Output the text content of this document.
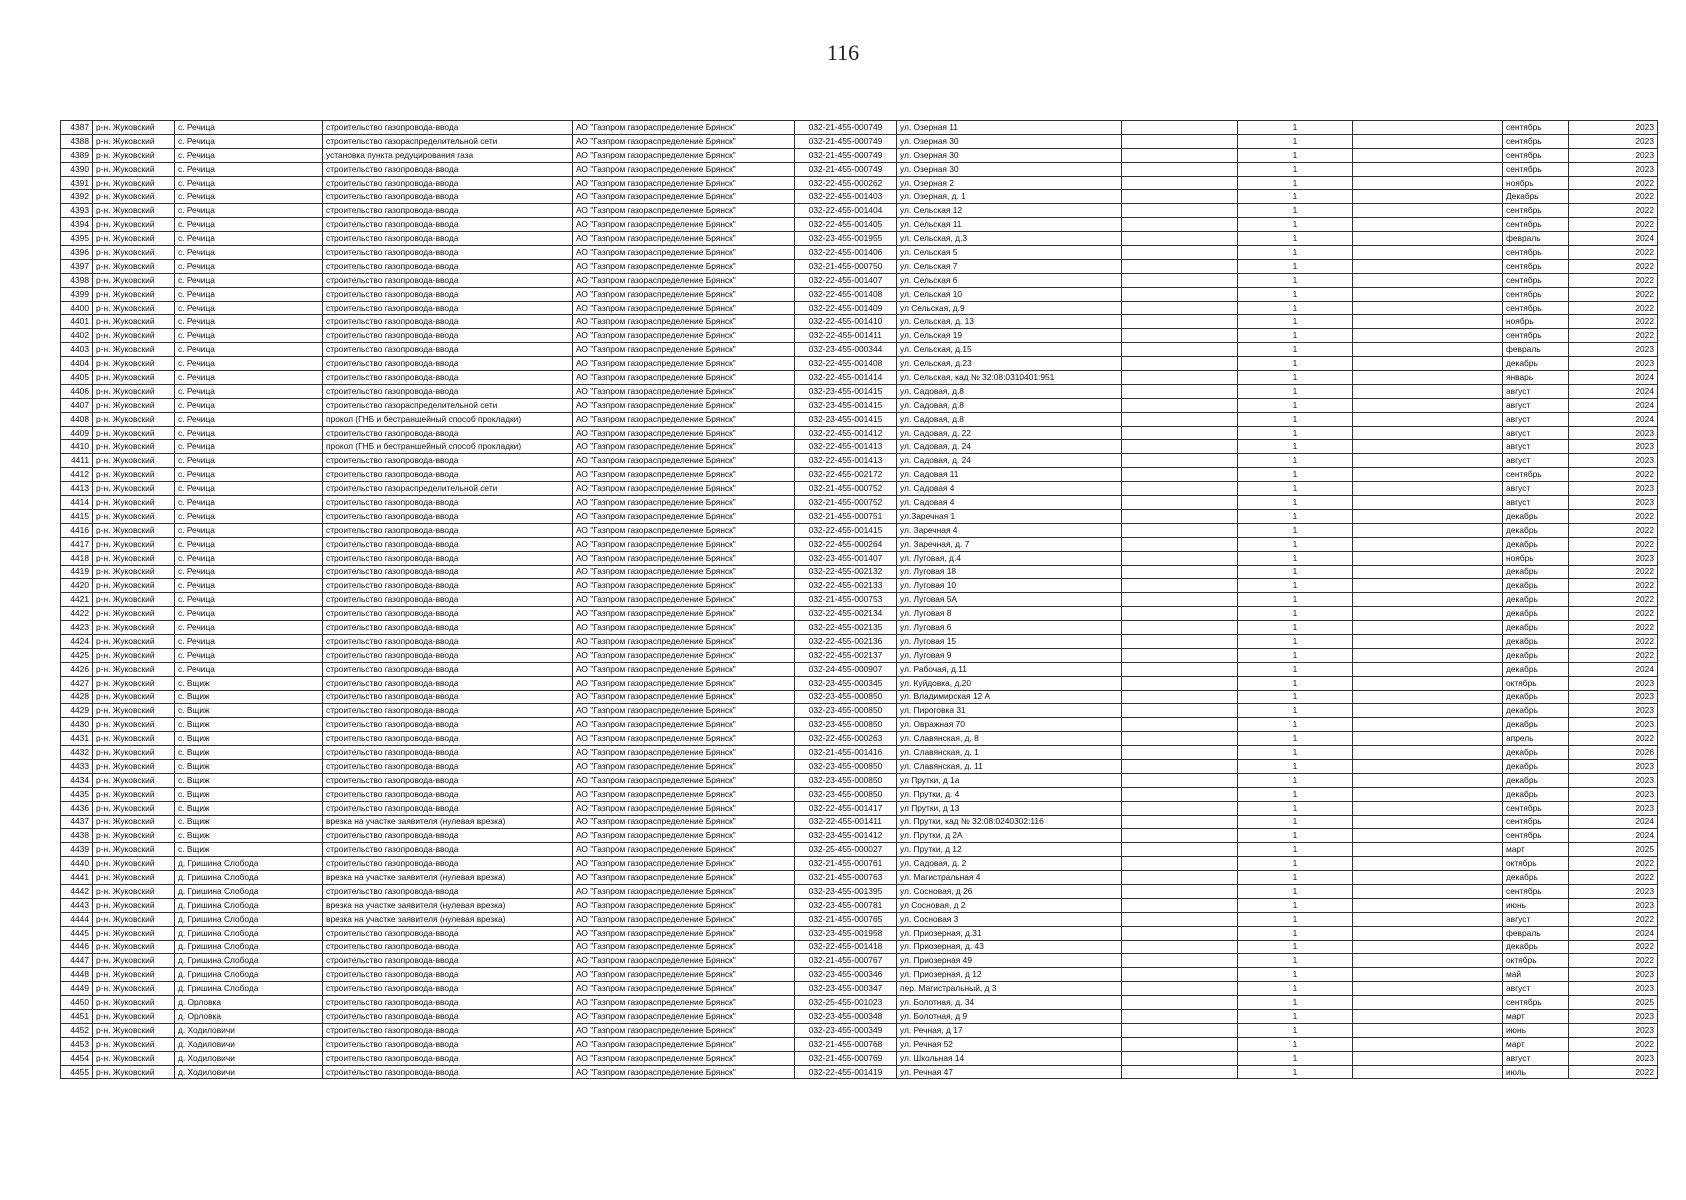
116
4387	р-н. Жуковский	с. Речица	строительство газопровода-ввода	АО "Газпром газораспределение Брянск"	032-21-455-000749	ул. Озерная 11		1		сентябрь	2023
4388	р-н. Жуковский	с. Речица	строительство газораспределительной сети	АО "Газпром газораспределение Брянск"	032-21-455-000749	ул. Озерная 30		1		сентябрь	2023
4389	р-н. Жуковский	с. Речица	установка пункта редуцирования газа	АО "Газпром газораспределение Брянск"	032-21-455-000749	ул. Озерная 30		1		сентябрь	2023
4390	р-н. Жуковский	с. Речица	строительство газопровода-ввода	АО "Газпром газораспределение Брянск"	032-21-455-000749	ул. Озерная 30		1		сентябрь	2023
4391	р-н. Жуковский	с. Речица	строительство газопровода-ввода	АО "Газпром газораспределение Брянск"	032-22-455-000262	ул. Озерная 2		1		ноябрь	2022
4392	р-н. Жуковский	с. Речица	строительство газопровода-ввода	АО "Газпром газораспределение Брянск"	032-22-455-001403	ул. Озерная, д. 1		1		Декабрь	2022
4393	р-н. Жуковский	с. Речица	строительство газопровода-ввода	АО "Газпром газораспределение Брянск"	032-22-455-001404	ул. Сельская 12		1		сентябрь	2022
4394	р-н. Жуковский	с. Речица	строительство газопровода-ввода	АО "Газпром газораспределение Брянск"	032-22-455-001405	ул. Сельская 11		1		сентябрь	2022
4395	р-н. Жуковский	с. Речица	строительство газопровода-ввода	АО "Газпром газораспределение Брянск"	032-23-455-001955	ул. Сельская, д.3		1		февраль	2024
4396	р-н. Жуковский	с. Речица	строительство газопровода-ввода	АО "Газпром газораспределение Брянск"	032-22-455-001406	ул. Сельская 5		1		сентябрь	2022
4397	р-н. Жуковский	с. Речица	строительство газопровода-ввода	АО "Газпром газораспределение Брянск"	032-21-455-000750	ул. Сельская 7		1		сентябрь	2022
4398	р-н. Жуковский	с. Речица	строительство газопровода-ввода	АО "Газпром газораспределение Брянск"	032-22-455-001407	ул. Сельская 6		1		сентябрь	2022
4399	р-н. Жуковский	с. Речица	строительство газопровода-ввода	АО "Газпром газораспределение Брянск"	032-22-455-001408	ул. Сельская 10		1		сентябрь	2022
4400	р-н. Жуковский	с. Речица	строительство газопровода-ввода	АО "Газпром газораспределение Брянск"	032-22-455-001409	ул Сельская, д.9		1		сентябрь	2022
4401	р-н. Жуковский	с. Речица	строительство газопровода-ввода	АО "Газпром газораспределение Брянск"	032-22-455-001410	ул. Сельская, д. 13		1		ноябрь	2022
4402	р-н. Жуковский	с. Речица	строительство газопровода-ввода	АО "Газпром газораспределение Брянск"	032-22-455-001411	ул. Сельская 19		1		сентябрь	2022
4403	р-н. Жуковский	с. Речица	строительство газопровода-ввода	АО "Газпром газораспределение Брянск"	032-23-455-000344	ул. Сельская, д.15		1		февраль	2023
4404	р-н. Жуковский	с. Речица	строительство газопровода-ввода	АО "Газпром газораспределение Брянск"	032-22-455-001408	ул. Сельская, д.23		1		декабрь	2023
4405	р-н. Жуковский	с. Речица	строительство газопровода-ввода	АО "Газпром газораспределение Брянск"	032-22-455-001414	ул. Сельская, кад № 32:08:0310401:951		1		январь	2024
4406	р-н. Жуковский	с. Речица	строительство газопровода-ввода	АО "Газпром газораспределение Брянск"	032-23-455-001415	ул. Садовая, д.8		1		август	2024
4407	р-н. Жуковский	с. Речица	строительство газораспределительной сети	АО "Газпром газораспределение Брянск"	032-23-455-001415	ул. Садовая, д.8		1		август	2024
4408	р-н. Жуковский	с. Речица	прокол (ГНБ и бестраншейный способ прокладки)	АО "Газпром газораспределение Брянск"	032-23-455-001415	ул. Садовая, д.8		1		август	2024
4409	р-н. Жуковский	с. Речица	строительство газопровода-ввода	АО "Газпром газораспределение Брянск"	032-22-455-001412	ул. Садовая, д. 22		1		август	2023
4410	р-н. Жуковский	с. Речица	прокол (ГНБ и бестраншейный способ прокладки)	АО "Газпром газораспределение Брянск"	032-22-455-001413	ул. Садовая, д. 24		1		август	2023
4411	р-н. Жуковский	с. Речица	строительство газопровода-ввода	АО "Газпром газораспределение Брянск"	032-22-455-001413	ул. Садовая, д. 24		1		август	2023
4412	р-н. Жуковский	с. Речица	строительство газопровода-ввода	АО "Газпром газораспределение Брянск"	032-22-455-002172	ул. Садовая 11		1		сентябрь	2022
4413	р-н. Жуковский	с. Речица	строительство газораспределительной сети	АО "Газпром газораспределение Брянск"	032-21-455-000752	ул. Садовая 4		1		август	2023
4414	р-н. Жуковский	с. Речица	строительство газопровода-ввода	АО "Газпром газораспределение Брянск"	032-21-455-000752	ул. Садовая 4		1		август	2023
4415	р-н. Жуковский	с. Речица	строительство газопровода-ввода	АО "Газпром газораспределение Брянск"	032-21-455-000751	ул.Заречная 1		1		декабрь	2022
4416	р-н. Жуковский	с. Речица	строительство газопровода-ввода	АО "Газпром газораспределение Брянск"	032-22-455-001415	ул. Заречная 4		1		декабрь	2022
4417	р-н. Жуковский	с. Речица	строительство газопровода-ввода	АО "Газпром газораспределение Брянск"	032-22-455-000264	ул. Заречная, д. 7		1		декабрь	2022
4418	р-н. Жуковский	с. Речица	строительство газопровода-ввода	АО "Газпром газораспределение Брянск"	032-23-455-001407	ул. Луговая, д.4		1		ноябрь	2023
4419	р-н. Жуковский	с. Речица	строительство газопровода-ввода	АО "Газпром газораспределение Брянск"	032-22-455-002132	ул. Луговая 18		1		декабрь	2022
4420	р-н. Жуковский	с. Речица	строительство газопровода-ввода	АО "Газпром газораспределение Брянск"	032-22-455-002133	ул. Луговая 10		1		декабрь	2022
4421	р-н. Жуковский	с. Речица	строительство газопровода-ввода	АО "Газпром газораспределение Брянск"	032-21-455-000753	ул. Луговая 5А		1		декабрь	2022
4422	р-н. Жуковский	с. Речица	строительство газопровода-ввода	АО "Газпром газораспределение Брянск"	032-22-455-002134	ул. Луговая 8		1		декабрь	2022
4423	р-н. Жуковский	с. Речица	строительство газопровода-ввода	АО "Газпром газораспределение Брянск"	032-22-455-002135	ул. Луговая 6		1		декабрь	2022
4424	р-н. Жуковский	с. Речица	строительство газопровода-ввода	АО "Газпром газораспределение Брянск"	032-22-455-002136	ул. Луговая 15		1		декабрь	2022
4425	р-н. Жуковский	с. Речица	строительство газопровода-ввода	АО "Газпром газораспределение Брянск"	032-22-455-002137	ул. Луговая 9		1		декабрь	2022
4426	р-н. Жуковский	с. Речица	строительство газопровода-ввода	АО "Газпром газораспределение Брянск"	032-24-455-000907	ул. Рабочая, д.11		1		декабрь	2024
4427	р-н. Жуковский	с. Вщиж	строительство газопровода-ввода	АО "Газпром газораспределение Брянск"	032-23-455-000345	ул. Куйдовка, д.20		1		октябрь	2023
4428	р-н. Жуковский	с. Вщиж	строительство газопровода-ввода	АО "Газпром газораспределение Брянск"	032-23-455-000850	ул. Владимирская 12 А		1		декабрь	2023
4429	р-н. Жуковский	с. Вщиж	строительство газопровода-ввода	АО "Газпром газораспределение Брянск"	032-23-455-000850	ул. Пироговка 31		1		декабрь	2023
4430	р-н. Жуковский	с. Вщиж	строительство газопровода-ввода	АО "Газпром газораспределение Брянск"	032-23-455-000850	ул. Овражная 70		1		декабрь	2023
4431	р-н. Жуковский	с. Вщиж	строительство газопровода-ввода	АО "Газпром газораспределение Брянск"	032-22-455-000263	ул. Славянская, д. 8		1		апрель	2022
4432	р-н. Жуковский	с. Вщиж	строительство газопровода-ввода	АО "Газпром газораспределение Брянск"	032-21-455-001416	ул. Славянская, д. 1		1		декабрь	2026
4433	р-н. Жуковский	с. Вщиж	строительство газопровода-ввода	АО "Газпром газораспределение Брянск"	032-23-455-000850	ул. Славянская, д. 11		1		декабрь	2023
4434	р-н. Жуковский	с. Вщиж	строительство газопровода-ввода	АО "Газпром газораспределение Брянск"	032-23-455-000850	ул Прутки, д 1а		1		декабрь	2023
4435	р-н. Жуковский	с. Вщиж	строительство газопровода-ввода	АО "Газпром газораспределение Брянск"	032-23-455-000850	ул. Прутки, д. 4		1		декабрь	2023
4436	р-н. Жуковский	с. Вщиж	строительство газопровода-ввода	АО "Газпром газораспределение Брянск"	032-22-455-001417	ул Прутки, д 13		1		сентябрь	2023
4437	р-н. Жуковский	с. Вщиж	врезка на участке заявителя (нулевая врезка)	АО "Газпром газораспределение Брянск"	032-22-455-001411	ул. Прутки, кад № 32:08:0240302:116		1		сентябрь	2024
4438	р-н. Жуковский	с. Вщиж	строительство газопровода-ввода	АО "Газпром газораспределение Брянск"	032-23-455-001412	ул. Прутки, д 2А		1		сентябрь	2024
4439	р-н. Жуковский	с. Вщиж	строительство газопровода-ввода	АО "Газпром газораспределение Брянск"	032-25-455-000027	ул. Прутки, д 12		1		март	2025
4440	р-н. Жуковский	д. Гришина Слобода	строительство газопровода-ввода	АО "Газпром газораспределение Брянск"	032-21-455-000761	ул. Садовая, д. 2		1		октябрь	2022
4441	р-н. Жуковский	д. Гришина Слобода	врезка на участке заявителя (нулевая врезка)	АО "Газпром газораспределение Брянск"	032-21-455-000763	ул. Магистральная 4		1		декабрь	2022
4442	р-н. Жуковский	д. Гришина Слобода	строительство газопровода-ввода	АО "Газпром газораспределение Брянск"	032-23-455-001395	ул. Сосновая, д 26		1		сентябрь	2023
4443	р-н. Жуковский	д. Гришина Слобода	врезка на участке заявителя (нулевая врезка)	АО "Газпром газораспределение Брянск"	032-23-455-000781	ул Сосновая, д 2		1		июнь	2023
4444	р-н. Жуковский	д. Гришина Слобода	врезка на участке заявителя (нулевая врезка)	АО "Газпром газораспределение Брянск"	032-21-455-000765	ул. Сосновая 3		1		август	2022
4445	р-н. Жуковский	д. Гришина Слобода	строительство газопровода-ввода	АО "Газпром газораспределение Брянск"	032-23-455-001958	ул. Приозерная, д.31		1		февраль	2024
4446	р-н. Жуковский	д. Гришина Слобода	строительство газопровода-ввода	АО "Газпром газораспределение Брянск"	032-22-455-001418	ул. Приозерная, д. 43		1		декабрь	2022
4447	р-н. Жуковский	д. Гришина Слобода	строительство газопровода-ввода	АО "Газпром газораспределение Брянск"	032-21-455-000767	ул. Приозерная 49		1		октябрь	2022
4448	р-н. Жуковский	д. Гришина Слобода	строительство газопровода-ввода	АО "Газпром газораспределение Брянск"	032-23-455-000346	ул. Приозерная, д 12		1		май	2023
4449	р-н. Жуковский	д. Гришина Слобода	строительство газопровода-ввода	АО "Газпром газораспределение Брянск"	032-23-455-000347	пер. Магистральный, д 3		1		август	2023
4450	р-н. Жуковский	д. Орловка	строительство газопровода-ввода	АО "Газпром газораспределение Брянск"	032-25-455-001023	ул. Болотная, д. 34		1		сентябрь	2025
4451	р-н. Жуковский	д. Орловка	строительство газопровода-ввода	АО "Газпром газораспределение Брянск"	032-23-455-000348	ул. Болотная, д 9		1		март	2023
4452	р-н. Жуковский	д. Ходиловичи	строительство газопровода-ввода	АО "Газпром газораспределение Брянск"	032-23-455-000349	ул. Речная, д 17		1		июнь	2023
4453	р-н. Жуковский	д. Ходиловичи	строительство газопровода-ввода	АО "Газпром газораспределение Брянск"	032-21-455-000768	ул. Речная 52		1		март	2022
4454	р-н. Жуковский	д. Ходиловичи	строительство газопровода-ввода	АО "Газпром газораспределение Брянск"	032-21-455-000769	ул. Школьная 14		1		август	2023
4455	р-н. Жуковский	д. Ходиловичи	строительство газопровода-ввода	АО "Газпром газораспределение Брянск"	032-22-455-001419	ул. Речная 47		1		июль	2022
